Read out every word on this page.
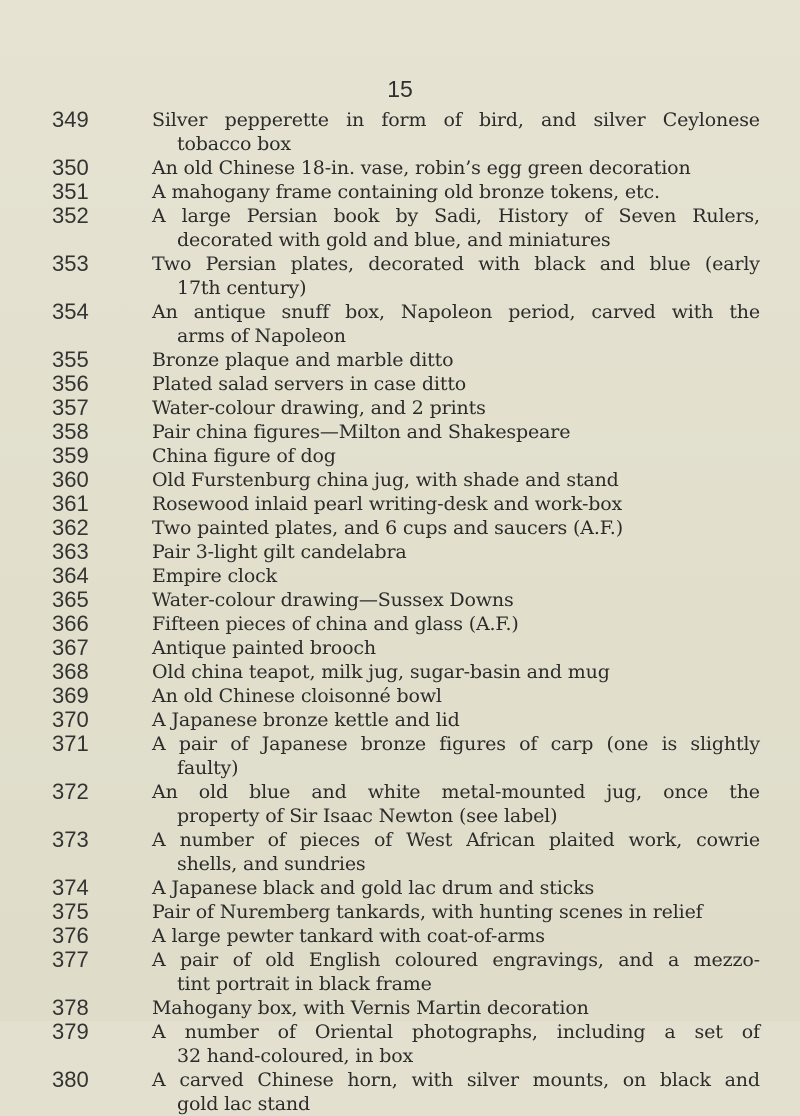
15
349	Silver pepperette in form of bird, and silver Ceylonese
tobacco box
350	An old Chinese 18-in. vase, robin’s egg green decoration
351	A mahogany frame containing old bronze tokens, etc.
352	A large Persian book by Sadi, History of Seven Rulers,
decorated with gold and blue, and miniatures
353	Two Persian plates, decorated with black and blue (early
17th century)
354	An antique snuff box, Napoleon period, carved with the
arms of Napoleon
355	Bronze plaque and marble ditto
356	Plated salad servers in case ditto
357	Water-colour drawing, and 2 prints
358	Pair china figures—Milton and Shakespeare
359	China figure of dog
360	Old Furstenburg china jug, with shade and stand
361	Rosewood inlaid pearl writing-desk and work-box
362	Two painted plates, and 6 cups and saucers (A.F.)
363	Pair 3-light gilt candelabra
364	Empire clock
365	Water-colour drawing—Sussex Downs
366	Fifteen pieces of china and glass (A.F.)
367	Antique painted brooch
368	Old china teapot, milk jug, sugar-basin and mug
369	An old Chinese cloisonné bowl
370	A Japanese bronze kettle and lid
371	A pair of Japanese bronze figures of carp (one is slightly
faulty)
372	An old blue and white metal-mounted jug, once the
property of Sir Isaac Newton (see label)
373	A number of pieces of West African plaited work, cowrie
shells, and sundries
374	A Japanese black and gold lac drum and sticks
375	Pair of Nuremberg tankards, with hunting scenes in relief
376	A large pewter tankard with coat-of-arms
377	A pair of old English coloured engravings, and a mezzo-
tint portrait in black frame
378	Mahogany box, with Vernis Martin decoration
379	A number of Oriental photographs, including a set of
32 hand-coloured, in box
380	A carved Chinese horn, with silver mounts, on black and
gold lac stand
